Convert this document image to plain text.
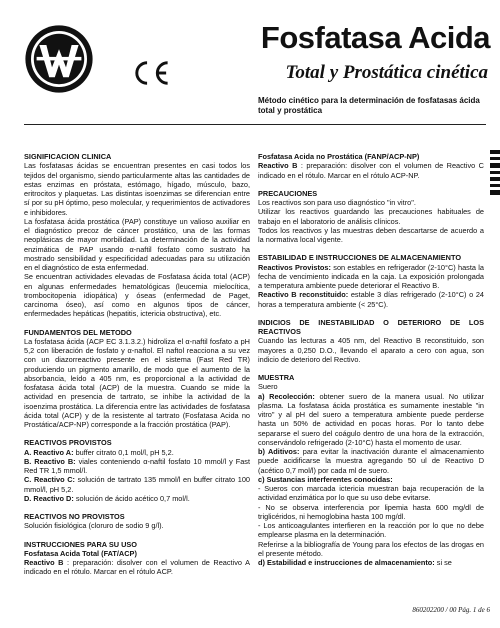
Fosfatasa Acida
Total y Prostática cinética
Método cinético para la determinación de fosfatasas ácida total y prostática

SIGNIFICACION CLINICA

Las fosfatasas ácidas se encuentran presentes en casi todos los tejidos del organismo, siendo particularmente altas las cantidades de estas enzimas en próstata, estómago, hígado, músculo, bazo, eritrocitos y plaquetas. Las distintas isoenzimas se diferencian entre sí por su pH óptimo, peso molecular, y requerimientos de activadores e inhibidores.

La fosfatasa ácida prostática (PAP) constituye un valioso auxiliar en el diagnóstico precoz de cáncer prostático, una de las formas neoplásicas de mayor morbilidad. La determinación de la actividad enzimática de PAP usando α-naftil fosfato como sustrato ha mostrado sensibilidad y especificidad adecuadas para su utilización en el diagnóstico de esta enfermedad.

Se encuentran actividades elevadas de Fosfatasa ácida total (ACP) en algunas enfermedades hematológicas (leucemia mielocítica, trombocitopenia idiopática) y óseas (enfermedad de Paget, carcinoma óseo), así como en algunos tipos de cáncer, enfermedades hepáticas (hepatitis, ictericia obstructiva), etc.

FUNDAMENTOS DEL METODO

La fosfatasa ácida (ACP EC 3.1.3.2.) hidroliza el α-naftil fosfato a pH 5,2 con liberación de fosfato y α-naftol. El naftol reacciona a su vez con un diazorreactivo presente en el sistema (Fast Red TR) produciendo un pigmento amarillo, de modo que el aumento de la absorbancia, leído a 405 nm, es proporcional a la actividad de fosfatasa ácida total (ACP) de la muestra. Cuando se mide la actividad en presencia de tartrato, se inhibe la actividad de la isoenzima prostática. La diferencia entre las actividades de fosfatasa ácida total (ACP) y de la resistente al tartrato (Fosfatasa Acida no Prostática/ACP-NP) corresponde a la fracción prostática (PAP).

REACTIVOS PROVISTOS

A. Reactivo A: buffer citrato 0,1 mol/l, pH 5,2.

B. Reactivo B: viales conteniendo α-naftil fosfato 10 mmol/l y Fast Red TR 1,5 mmol/l.

C. Reactivo C: solución de tartrato 135 mmol/l en buffer citrato 100 mmol/l, pH 5,2.

D. Reactivo D: solución de ácido acético 0,7 mol/l.

REACTIVOS NO PROVISTOS

Solución fisiológica (cloruro de sodio 9 g/l).

INSTRUCCIONES PARA SU USO

Fosfatasa Acida Total (FAT/ACP)

Reactivo B : preparación: disolver con el volumen de Reactivo A indicado en el rótulo. Marcar en el rótulo ACP.

Fosfatasa Acida no Prostática (FANP/ACP-NP)

Reactivo B : preparación: disolver con el volumen de Reactivo C indicado en el rótulo. Marcar en el rótulo ACP-NP.

PRECAUCIONES

Los reactivos son para uso diagnóstico "in vitro".

Utilizar los reactivos guardando las precauciones habituales de trabajo en el laboratorio de análisis clínicos.

Todos los reactivos y las muestras deben descartarse de acuerdo a la normativa local vigente.

ESTABILIDAD E INSTRUCCIONES DE ALMACENAMIENTO

Reactivos Provistos: son estables en refrigerador (2-10°C) hasta la fecha de vencimiento indicada en la caja. La exposición prolongada a temperatura ambiente puede deteriorar el Reactivo B.

Reactivo B reconstituido: estable 3 días refrigerado (2-10°C) o 24 horas a temperatura ambiente (< 25°C).

INDICIOS DE INESTABILIDAD O DETERIORO DE LOS REACTIVOS

Cuando las lecturas a 405 nm, del Reactivo B reconstituido, son mayores a 0,250 D.O., llevando el aparato a cero con agua, son indicio de deterioro del Rectivo.

MUESTRA

Suero

a) Recolección: obtener suero de la manera usual. No utilizar plasma. La fosfatasa ácida prostática es sumamente inestable "in vitro" y al pH del suero a temperatura ambiente puede perderse hasta un 50% de actividad en pocas horas. Por lo tanto debe separarse el suero del coágulo dentro de una hora de la extracción, conservándolo refrigerado (2-10°C) hasta el momento de usar.

b) Aditivos: para evitar la inactivación durante el almacenamiento puede acidificarse la muestra agregando 50 ul de Reactivo D (acético 0,7 mol/l) por cada ml de suero.

c) Sustancias interferentes conocidas:

- Sueros con marcada ictericia muestran baja recuperación de la actividad enzimática por lo que su uso debe evitarse.

- No se observa interferencia por lipemia hasta 600 mg/dl de triglicéridos, ni hemoglobina hasta 100 mg/dl.

- Los anticoagulantes interfieren en la reacción por lo que no debe emplearse plasma en la determinación.

Referirse a la bibliografía de Young para los efectos de las drogas en el presente método.

d) Estabilidad e instrucciones de almacenamiento: si se

860202200 / 00 Pág. 1 de 6
